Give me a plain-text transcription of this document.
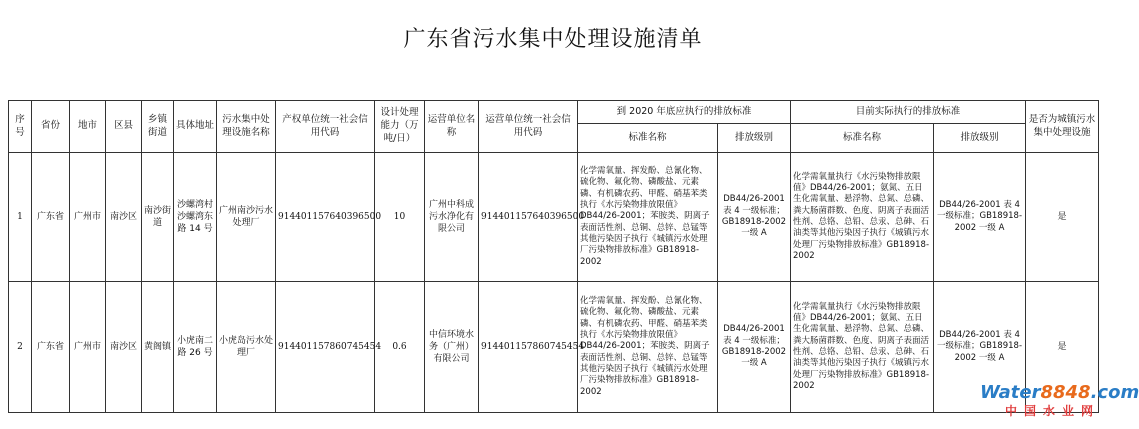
广东省污水集中处理设施清单
序号	省份	地市	区县	乡镇街道	具体地址	污水集中处理设施名称	产权单位统一社会信用代码	设计处理能力（万吨/日）	运营单位名称	运营单位统一社会信用代码	到 2020 年底应执行的排放标准		目前实际执行的排放标准		是否为城镇污水集中处理设施
											标准名称	排放级别	标准名称	排放级别	
1	广东省	广州市	南沙区	南沙街道	沙螺湾村沙螺湾东路 14 号	广州南沙污水处理厂	914401157640396500	10	广州中科成污水净化有限公司	914401157640396500	化学需氧量、挥发酚、总氰化物、硫化物、氟化物、磷酸盐、元素磷、有机磷农药、甲醛、硝基苯类执行《水污染物排放限值》DB44/26-2001；苯胺类、阴离子表面活性剂、总铜、总锌、总锰等其他污染因子执行《城镇污水处理厂污染物排放标准》GB18918-2002	DB44/26-2001 表 4 一级标准；GB18918-2002 一级 A	化学需氧量执行《水污染物排放限值》DB44/26-2001；氨氮、五日生化需氧量、悬浮物、总氮、总磷、粪大肠菌群数、色度、阴离子表面活性剂、总铬、总铅、总汞、总砷、石油类等其他污染因子执行《城镇污水处理厂污染物排放标准》GB18918-2002	DB44/26-2001 表 4 一级标准；GB18918-2002 一级 A	是
2	广东省	广州市	南沙区	黄阁镇	小虎南二路 26 号	小虎岛污水处理厂	914401157860745454	0.6	中信环境水务（广州）有限公司	914401157860745454	化学需氧量、挥发酚、总氰化物、硫化物、氟化物、磷酸盐、元素磷、有机磷农药、甲醛、硝基苯类执行《水污染物排放限值》DB44/26-2001；苯胺类、阴离子表面活性剂、总铜、总锌、总锰等其他污染因子执行《城镇污水处理厂污染物排放标准》GB18918-2002	DB44/26-2001 表 4 一级标准；GB18918-2002 一级 A	化学需氧量执行《水污染物排放限值》DB44/26-2001；氨氮、五日生化需氧量、悬浮物、总氮、总磷、粪大肠菌群数、色度、阴离子表面活性剂、总铬、总铅、总汞、总砷、石油类等其他污染因子执行《城镇污水处理厂污染物排放标准》GB18918-2002	DB44/26-2001 表 4 一级标准；GB18918-2002 一级 A	是
Water8848.com
中国水业网
